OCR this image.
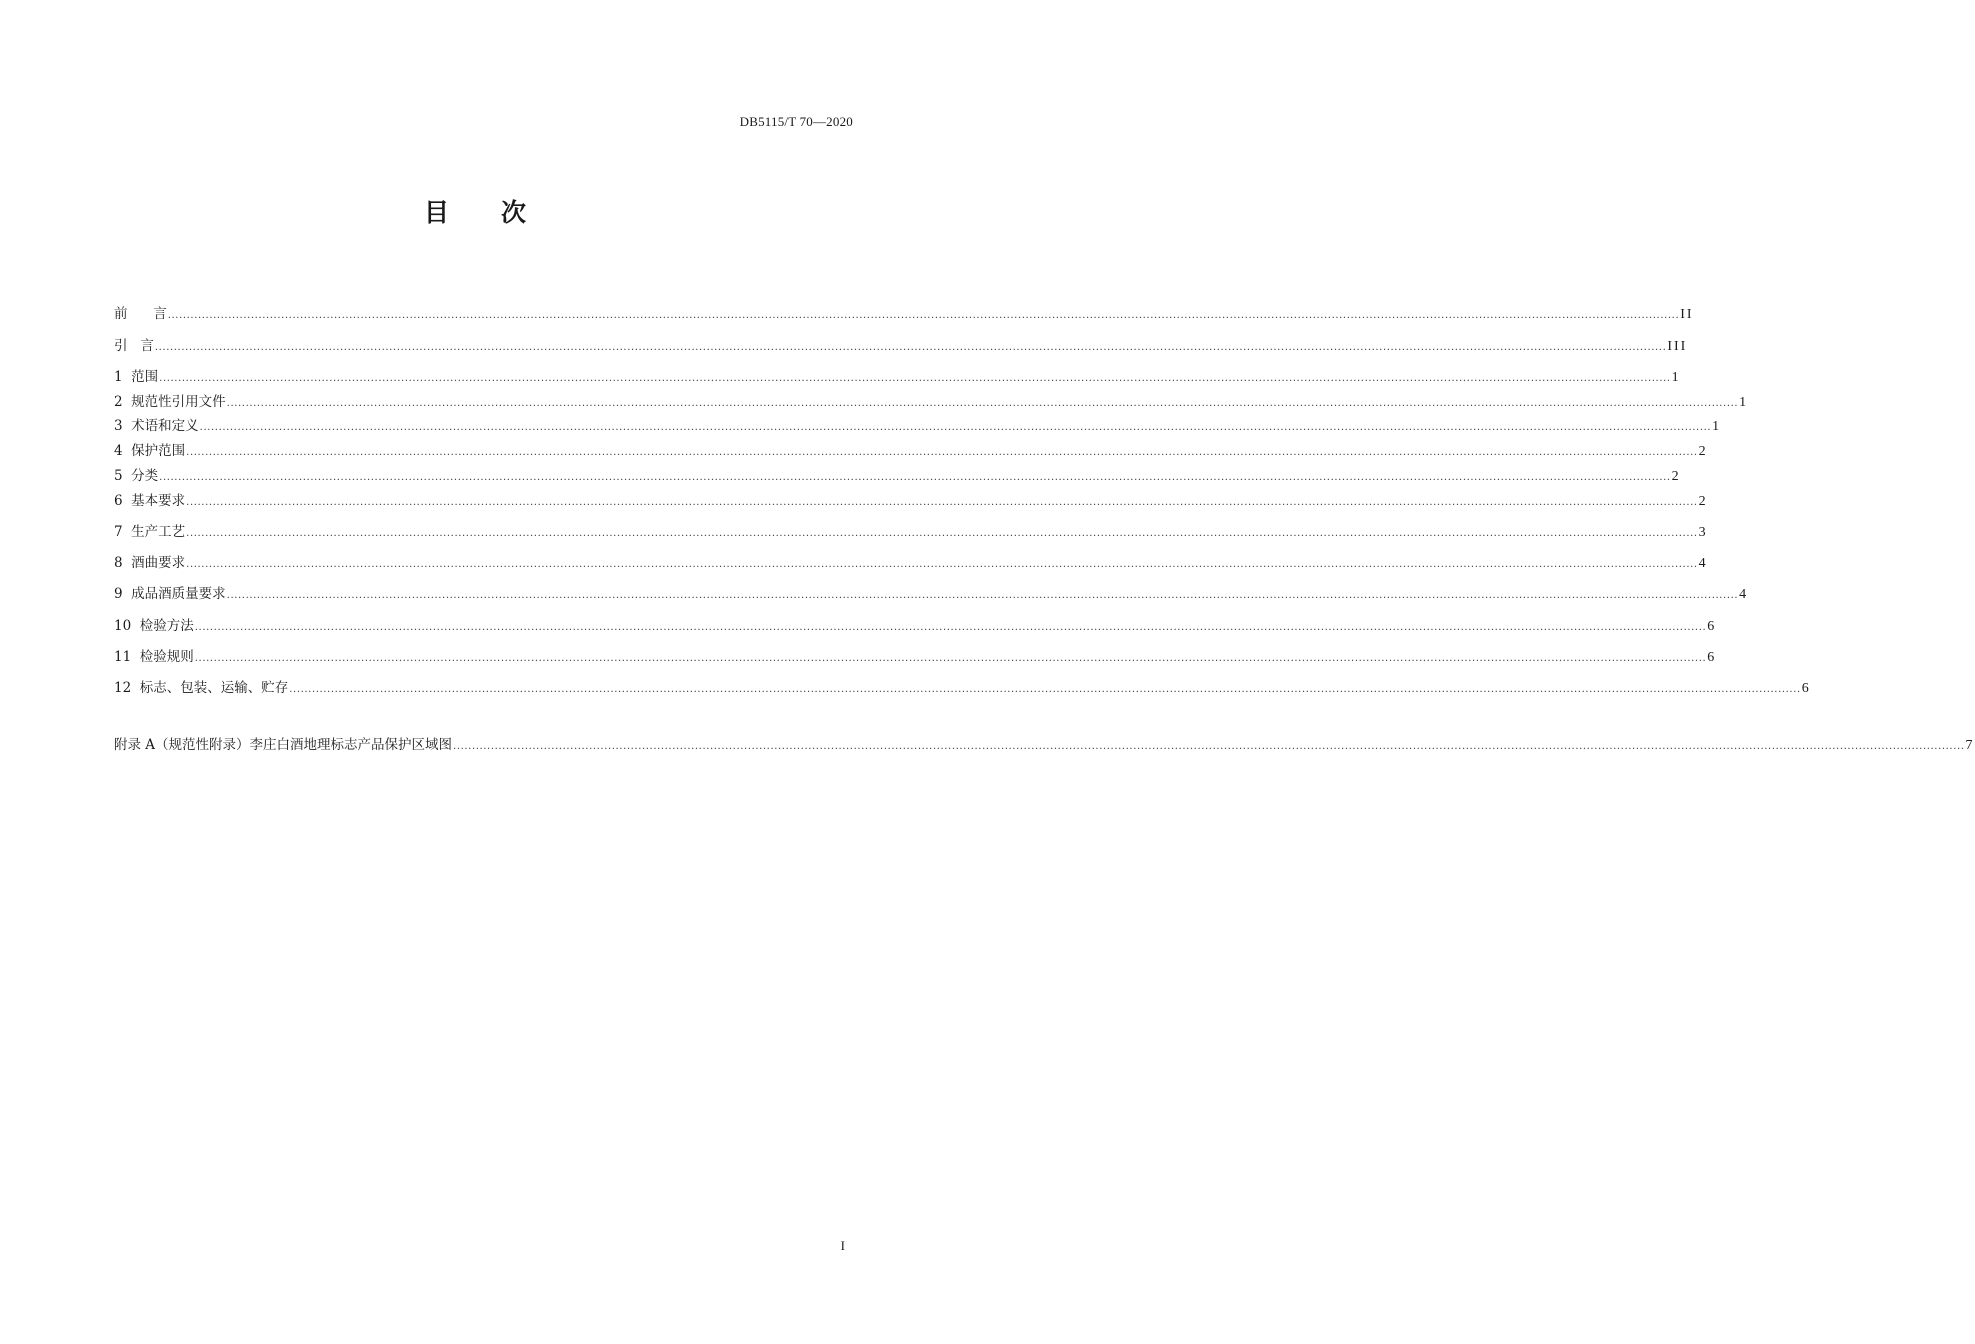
DB5115/T 70—2020
目 次
前      言 ................................................................................................................................................................................................................................................................................................................................................................................................................ II
引   言 ................................................................................................................................................................................................................................................................................................................................................................................................................ III
1  范围 ................................................................................................................................................................................................................................................................................................................................................................................................................ 1
2  规范性引用文件 ................................................................................................................................................................................................................................................................................................................................................................................................................ 1
3  术语和定义 ................................................................................................................................................................................................................................................................................................................................................................................................................ 1
4  保护范围 ................................................................................................................................................................................................................................................................................................................................................................................................................ 2
5  分类 ................................................................................................................................................................................................................................................................................................................................................................................................................ 2
6  基本要求 ................................................................................................................................................................................................................................................................................................................................................................................................................ 2
7  生产工艺 ................................................................................................................................................................................................................................................................................................................................................................................................................ 3
8  酒曲要求 ................................................................................................................................................................................................................................................................................................................................................................................................................ 4
9  成品酒质量要求 ................................................................................................................................................................................................................................................................................................................................................................................................................ 4
10  检验方法 ................................................................................................................................................................................................................................................................................................................................................................................................................ 6
11  检验规则 ................................................................................................................................................................................................................................................................................................................................................................................................................ 6
12  标志、包装、运输、贮存 ................................................................................................................................................................................................................................................................................................................................................................................................................ 6
附录 A（规范性附录）李庄白酒地理标志产品保护区域图 ................................................................................................................................................................................................................................................................................................................................................................................................................ 7
I
